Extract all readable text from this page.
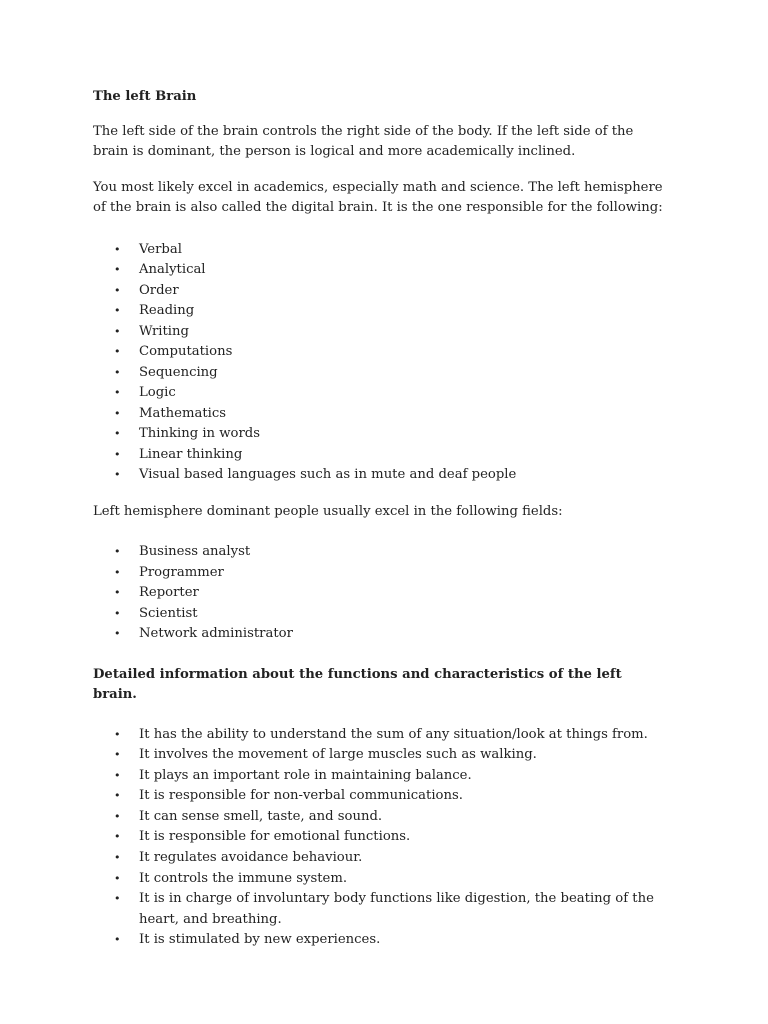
The left Brain

The left side of the brain controls the right side of the body. If the left side of the brain is dominant, the person is logical and more academically inclined.

You most likely excel in academics, especially math and science. The left hemisphere of the brain is also called the digital brain. It is the one responsible for the following:

• Verbal
• Analytical
• Order
• Reading
• Writing
• Computations
• Sequencing
• Logic
• Mathematics
• Thinking in words
• Linear thinking
• Visual based languages such as in mute and deaf people

Left hemisphere dominant people usually excel in the following fields:

• Business analyst
• Programmer
• Reporter
• Scientist
• Network administrator
Detailed information about the functions and characteristics of the left brain.
• It has the ability to understand the sum of any situation/look at things from.
• It involves the movement of large muscles such as walking.
• It plays an important role in maintaining balance.
• It is responsible for non-verbal communications.
• It can sense smell, taste, and sound.
• It is responsible for emotional functions.
• It regulates avoidance behaviour.
• It controls the immune system.
• It is in charge of involuntary body functions like digestion, the beating of the heart, and breathing.
• It is stimulated by new experiences.
